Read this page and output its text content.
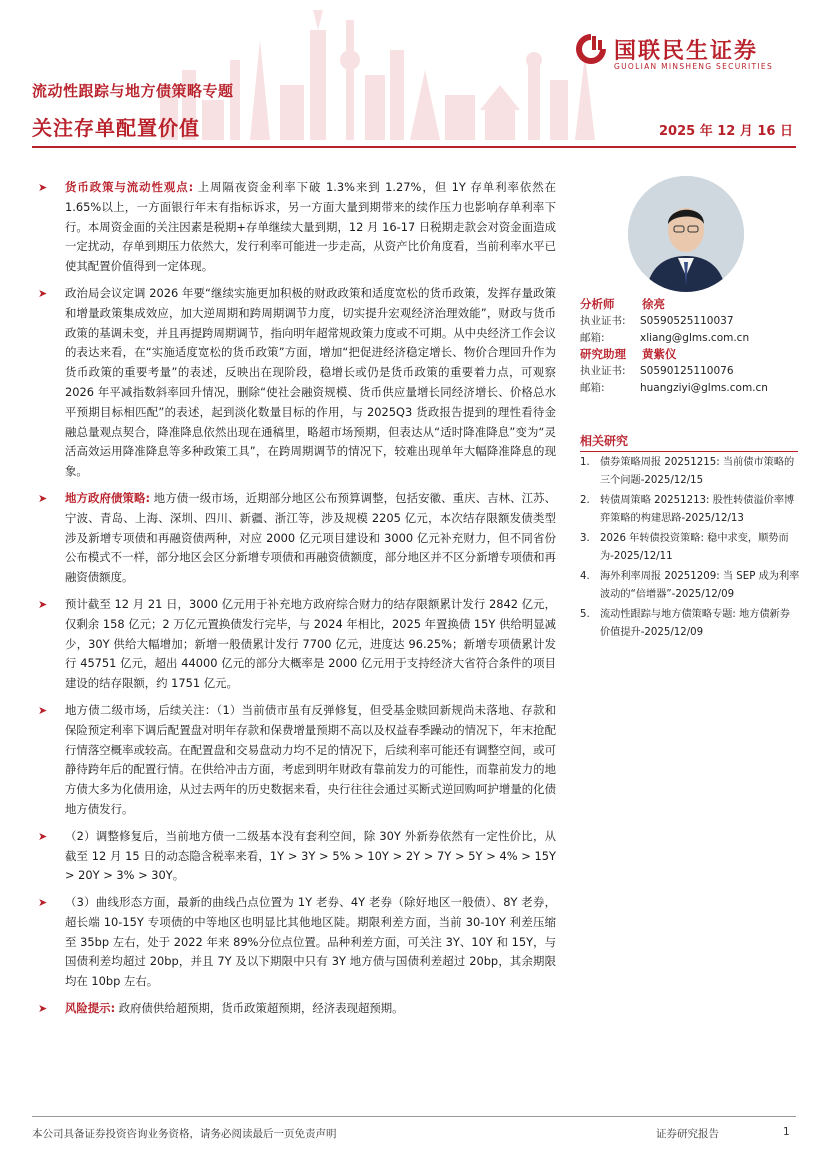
国联民生证券
GUOLIAN MINSHENG SECURITIES
流动性跟踪与地方债策略专题
关注存单配置价值	2025 年 12 月 16 日
➤ 货币政策与流动性观点: 上周隔夜资金利率下破 1.3%来到 1.27%，但 1Y 存单利率依然在 1.65%以上，一方面银行年末有指标诉求，另一方面大量到期带来的续作压力也影响存单利率下行。本周资金面的关注因素是税期+存单继续大量到期，12 月 16-17 日税期走款会对资金面造成一定扰动，存单到期压力依然大，发行利率可能进一步走高，从资产比价角度看，当前利率水平已使其配置价值得到一定体现。
➤ 政治局会议定调 2026 年要“继续实施更加积极的财政政策和适度宽松的货币政策，发挥存量政策和增量政策集成效应，加大逆周期和跨周期调节力度，切实提升宏观经济治理效能”，财政与货币政策的基调未变，并且再提跨周期调节，指向明年超常规政策力度或不可期。从中央经济工作会议的表达来看，在“实施适度宽松的货币政策”方面，增加“把促进经济稳定增长、物价合理回升作为货币政策的重要考量”的表述，反映出在现阶段，稳增长或仍是货币政策的重要着力点，可观察 2026 年平减指数斜率回升情况，删除“使社会融资规模、货币供应量增长同经济增长、价格总水平预期目标相匹配”的表述，起到淡化数量目标的作用，与 2025Q3 货政报告提到的理性看待金融总量观点契合，降准降息依然出现在通稿里，略超市场预期，但表达从“适时降准降息”变为“灵活高效运用降准降息等多种政策工具”，在跨周期调节的情况下，较难出现单年大幅降准降息的现象。
➤ 地方政府债策略: 地方债一级市场，近期部分地区公布预算调整，包括安徽、重庆、吉林、江苏、宁波、青岛、上海、深圳、四川、新疆、浙江等，涉及规模 2205 亿元，本次结存限额发债类型涉及新增专项债和再融资债两种，对应 2000 亿元项目建设和 3000 亿元补充财力，但不同省份公布模式不一样，部分地区会区分新增专项债和再融资债额度，部分地区并不区分新增专项债和再融资债额度。
➤ 预计截至 12 月 21 日，3000 亿元用于补充地方政府综合财力的结存限额累计发行 2842 亿元，仅剩余 158 亿元；2 万亿元置换债发行完毕，与 2024 年相比，2025 年置换债 15Y 供给明显减少，30Y 供给大幅增加；新增一般债累计发行 7700 亿元，进度达 96.25%；新增专项债累计发行 45751 亿元，超出 44000 亿元的部分大概率是 2000 亿元用于支持经济大省符合条件的项目建设的结存限额，约 1751 亿元。
➤ 地方债二级市场，后续关注：（1）当前债市虽有反弹修复，但受基金赎回新规尚未落地、存款和保险预定利率下调后配置盘对明年存款和保费增量预期不高以及权益春季躁动的情况下，年末抢配行情落空概率或较高。在配置盘和交易盘动力均不足的情况下，后续利率可能还有调整空间，或可静待跨年后的配置行情。在供给冲击方面，考虑到明年财政有靠前发力的可能性，而靠前发力的地方债大多为化债用途，从过去两年的历史数据来看，央行往往会通过买断式逆回购呵护增量的化债地方债发行。
➤ （2）调整修复后，当前地方债一二级基本没有套利空间，除 30Y 外新券依然有一定性价比，从截至 12 月 15 日的动态隐含税率来看，1Y > 3Y > 5% > 10Y > 2Y > 7Y > 5Y > 4% > 15Y > 20Y > 3% > 30Y。
➤ （3）曲线形态方面，最新的曲线凸点位置为 1Y 老券、4Y 老券（除好地区一般债）、8Y 老券，超长端 10-15Y 专项债的中等地区也明显比其他地区陡。期限利差方面，当前 30-10Y 利差压缩至 35bp 左右，处于 2022 年来 89%分位点位置。品种利差方面，可关注 3Y、10Y 和 15Y，与国债利差均超过 20bp，并且 7Y 及以下期限中只有 3Y 地方债与国债利差超过 20bp，其余期限均在 10bp 左右。
➤ 风险提示: 政府债供给超预期，货币政策超预期，经济表现超预期。
分析师 徐亮
执业证书: S0590525110037
邮箱:	xliang@glms.com.cn
研究助理 黄紫仪
执业证书: S0590125110076
邮箱:	huangziyi@glms.com.cn
相关研究
1. 债券策略周报 20251215: 当前债市策略的三个问题-2025/12/15
2. 转债周策略 20251213: 股性转债溢价率博弈策略的构建思路-2025/12/13
3. 2026 年转债投资策略: 稳中求变，顺势而为-2025/12/11
4. 海外利率周报 20251209: 当 SEP 成为利率波动的“倍增器”-2025/12/09
5. 流动性跟踪与地方债策略专题: 地方债新券价值提升-2025/12/09
本公司具备证券投资咨询业务资格，请务必阅读最后一页免责声明	证券研究报告	1
